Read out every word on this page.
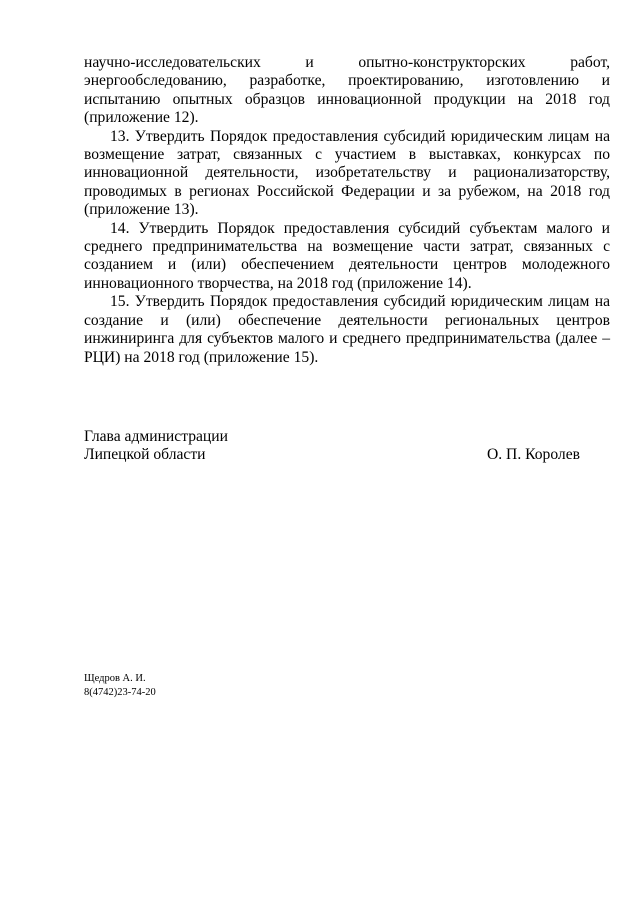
научно-исследовательских и опытно-конструкторских работ, энергообследованию, разработке, проектированию, изготовлению и испытанию опытных образцов инновационной продукции на 2018 год (приложение 12).

13. Утвердить Порядок предоставления субсидий юридическим лицам на возмещение затрат, связанных с участием в выставках, конкурсах по инновационной деятельности, изобретательству и рационализаторству, проводимых в регионах Российской Федерации и за рубежом, на 2018 год (приложение 13).

14. Утвердить Порядок предоставления субсидий субъектам малого и среднего предпринимательства на возмещение части затрат, связанных с созданием и (или) обеспечением деятельности центров молодежного инновационного творчества, на 2018 год (приложение 14).

15. Утвердить Порядок предоставления субсидий юридическим лицам на создание и (или) обеспечение деятельности региональных центров инжиниринга для субъектов малого и среднего предпринимательства (далее – РЦИ) на 2018 год (приложение 15).

Глава администрации
Липецкой области	О. П. Королев
Щедров А. И.
8(4742)23-74-20
